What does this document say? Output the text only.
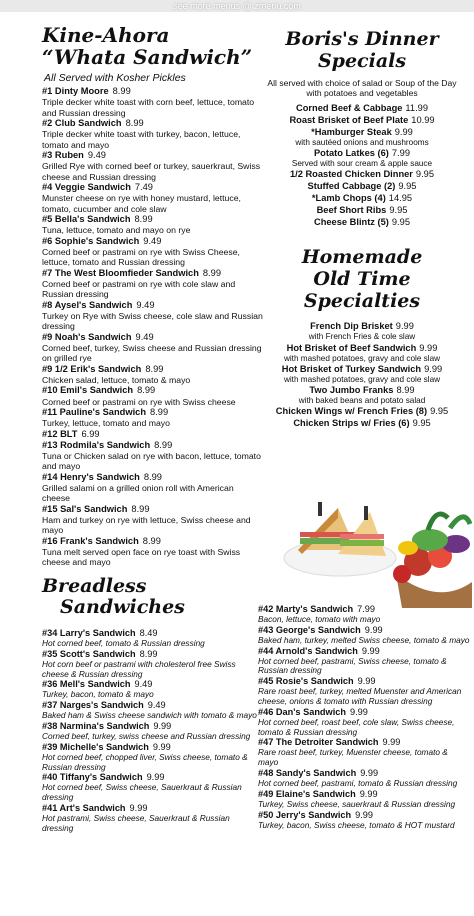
see more menus @ zmenu.com
Kine-Ahora
“Whata Sandwich”
All Served with Kosher Pickles
#1 Dinty Moore 8.99
Triple decker white toast with corn beef, lettuce, tomato and Russian dressing
#2 Club Sandwich 8.99
Triple decker white toast with turkey, bacon, lettuce, tomato and mayo
#3 Ruben 9.49
Grilled Rye with corned beef or turkey, sauerkraut, Swiss cheese and Russian dressing
#4 Veggie Sandwich 7.49
Munster cheese on rye with honey mustard, lettuce, tomato, cucumber and cole slaw
#5 Bella's Sandwich 8.99
Tuna, lettuce, tomato and mayo on rye
#6 Sophie's Sandwich 9.49
Corned beef or pastrami on rye with Swiss Cheese, lettuce, tomato and Russian dressing
#7 The West Bloomfieder Sandwich 8.99
Corned beef or pastrami on rye with cole slaw and Russian dressing
#8 Aysel's Sandwich 9.49
Turkey on Rye with Swiss cheese, cole slaw and Russian dressing
#9 Noah's Sandwich 9.49
Corned beef, turkey, Swiss cheese and Russian dressing on grilled rye
#9 1/2 Erik's Sandwich 8.99
Chicken salad, lettuce, tomato & mayo
#10 Emil's Sandwich 8.99
Corned beef or pastrami on rye with Swiss cheese
#11 Pauline's Sandwich 8.99
Turkey, lettuce, tomato and mayo
#12 BLT 6.99
#13 Rodmila's Sandwich 8.99
Tuna or Chicken salad on rye with bacon, lettuce, tomato and mayo
#14 Henry's Sandwich 8.99
Grilled salami on a grilled onion roll with American cheese
#15 Sal's Sandwich 8.99
Ham and turkey on rye with lettuce, Swiss cheese and mayo
#16 Frank's Sandwich 8.99
Tuna melt served open face on rye toast with Swiss cheese and mayo
Boris's Dinner
Specials
All served with choice of salad or Soup of the Day with potatoes and vegetables
Corned Beef & Cabbage 11.99
Roast Brisket of Beef Plate 10.99
*Hamburger Steak 9.99
with sautéed onions and mushrooms
Potato Latkes (6) 7.99
Served with sour cream & apple sauce
1/2 Roasted Chicken Dinner 9.95
Stuffed Cabbage (2) 9.95
*Lamb Chops (4) 14.95
Beef Short Ribs 9.95
Cheese Blintz (5) 9.95
Homemade
Old Time Specialties
French Dip Brisket 9.99
with French Fries & cole slaw
Hot Brisket of Beef Sandwich 9.99
with mashed potatoes, gravy and cole slaw
Hot Brisket of Turkey Sandwich 9.99
with mashed potatoes, gravy and cole slaw
Two Jumbo Franks 8.99
with baked beans and potato salad
Chicken Wings w/ French Fries (8) 9.95
Chicken Strips w/ Fries (6) 9.95
Breadless
Sandwiches
#34 Larry's Sandwich 8.49
Hot corned beef, tomato & Russian dressing
#35 Scott's Sandwich 8.99
Hot corn beef or pastrami with cholesterol free Swiss cheese & Russian dressing
#36 Mell's Sandwich 9.49
Turkey, bacon, tomato & mayo
#37 Narges's Sandwich 9.49
Baked ham & Swiss cheese sandwich with tomato & mayo
#38 Narmina's Sandwich 9.99
Corned beef, turkey, swiss cheese and Russian dressing
#39 Michelle's Sandwich 9.99
Hot corned beef, chopped liver, Swiss cheese, tomato & Russian dressing
#40 Tiffany's Sandwich 9.99
Hot corned beef, Swiss cheese, Sauerkraut & Russian dressing
#41 Art's Sandwich 9.99
Hot pastrami, Swiss cheese, Sauerkraut & Russian dressing
#42 Marty's Sandwich 7.99
Bacon, lettuce, tomato with mayo
#43 George's Sandwich 9.99
Baked ham, turkey, melted Swiss cheese, tomato & mayo
#44 Arnold's Sandwich 9.99
Hot corned beef, pastrami, Swiss cheese, tomato & Russian dressing
#45 Rosie's Sandwich 9.99
Rare roast beef, turkey, melted Muenster and American cheese, onions & tomato with Russian dressing
#46 Dan's Sandwich 9.99
Hot corned beef, roast beef, cole slaw, Swiss cheese, tomato & Russian dressing
#47 The Detroiter Sandwich 9.99
Rare roast beef, turkey, Muenster cheese, tomato & mayo
#48 Sandy's Sandwich 9.99
Hot corned beef, pastrami, tomato & Russian dressing
#49 Elaine's Sandwich 9.99
Turkey, Swiss cheese, sauerkraut & Russian dressing
#50 Jerry's Sandwich 9.99
Turkey, bacon, Swiss cheese, tomato & HOT mustard
